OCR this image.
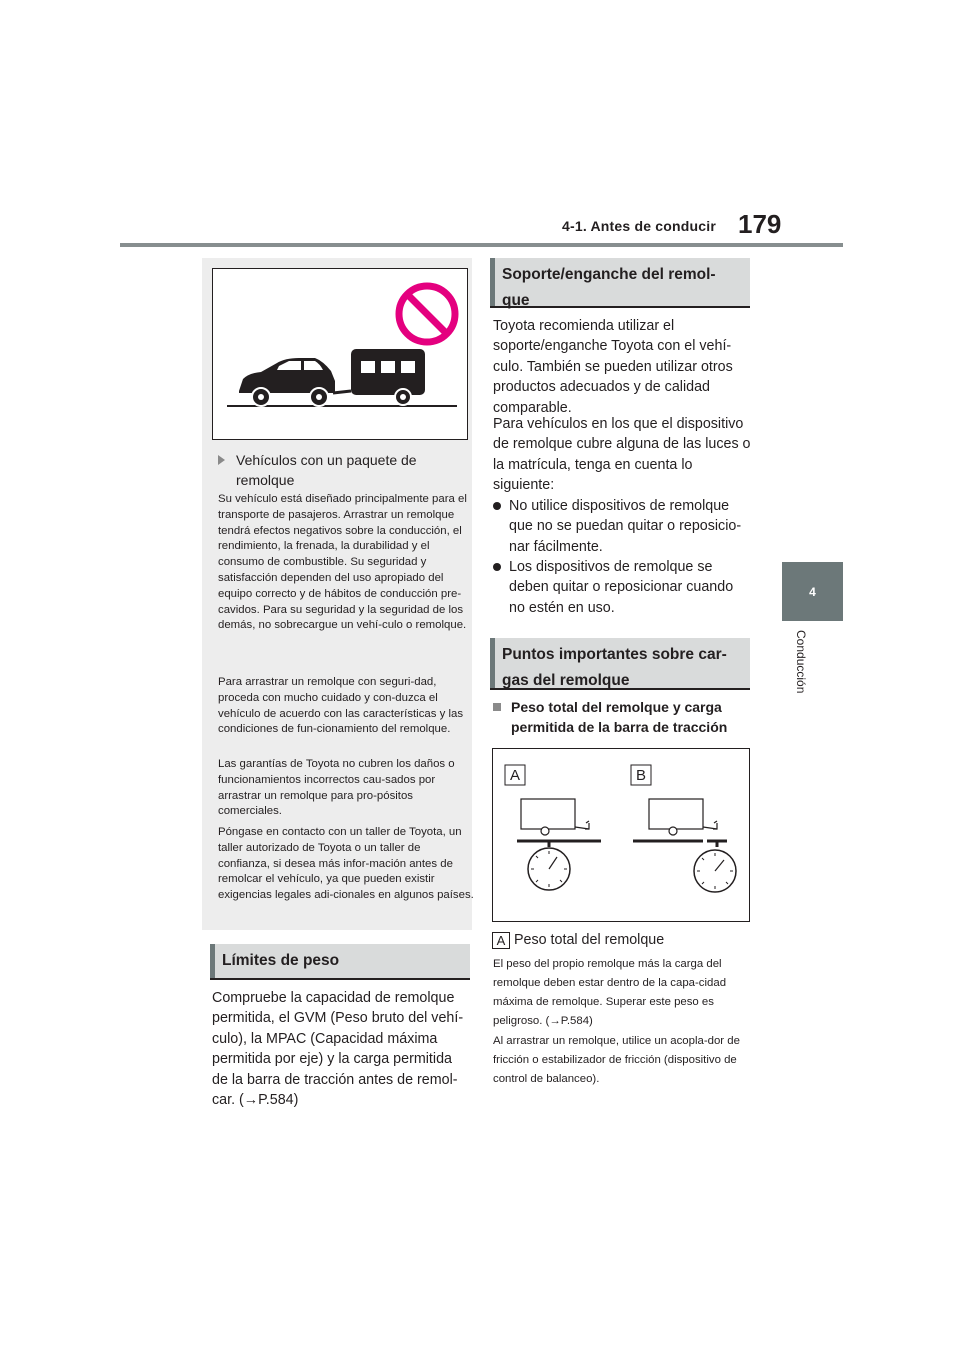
4-1. Antes de conducir 179
4
Conducción
Vehículos con un paquete de remolque
Su vehículo está diseñado principalmente para el transporte de pasajeros. Arrastrar un remolque tendrá efectos negativos sobre la conducción, el rendimiento, la frenada, la durabilidad y el consumo de combustible. Su seguridad y satisfacción dependen del uso apropiado del equipo correcto y de hábitos de conducción pre-cavidos. Para su seguridad y la seguridad de los demás, no sobrecargue un vehí-culo o remolque.
Para arrastrar un remolque con seguri-dad, proceda con mucho cuidado y con-duzca el vehículo de acuerdo con las características y las condiciones de fun-cionamiento del remolque.
Las garantías de Toyota no cubren los daños o funcionamientos incorrectos cau-sados por arrastrar un remolque para pro-pósitos comerciales.
Póngase en contacto con un taller de Toyota, un taller autorizado de Toyota o un taller de confianza, si desea más infor-mación antes de remolcar el vehículo, ya que pueden existir exigencias legales adi-cionales en algunos países.
Límites de peso
Compruebe la capacidad de remolque permitida, el GVM (Peso bruto del vehí-culo), la MPAC (Capacidad máxima permitida por eje) y la carga permitida de la barra de tracción antes de remol-car. (→P.584)
Soporte/enganche del remol-que
Toyota recomienda utilizar el soporte/enganche Toyota con el vehí-culo. También se pueden utilizar otros productos adecuados y de calidad comparable.
Para vehículos en los que el dispositivo de remolque cubre alguna de las luces o la matrícula, tenga en cuenta lo siguiente:
No utilice dispositivos de remolque que no se puedan quitar o reposicio-nar fácilmente.
Los dispositivos de remolque se deben quitar o reposicionar cuando no estén en uso.
Puntos importantes sobre car-gas del remolque
Peso total del remolque y carga permitida de la barra de tracción
A	B
A Peso total del remolque
El peso del propio remolque más la carga del remolque deben estar dentro de la capa-cidad máxima de remolque. Superar este peso es peligroso. (→P.584)
Al arrastrar un remolque, utilice un acopla-dor de fricción o estabilizador de fricción (dispositivo de control de balanceo).
